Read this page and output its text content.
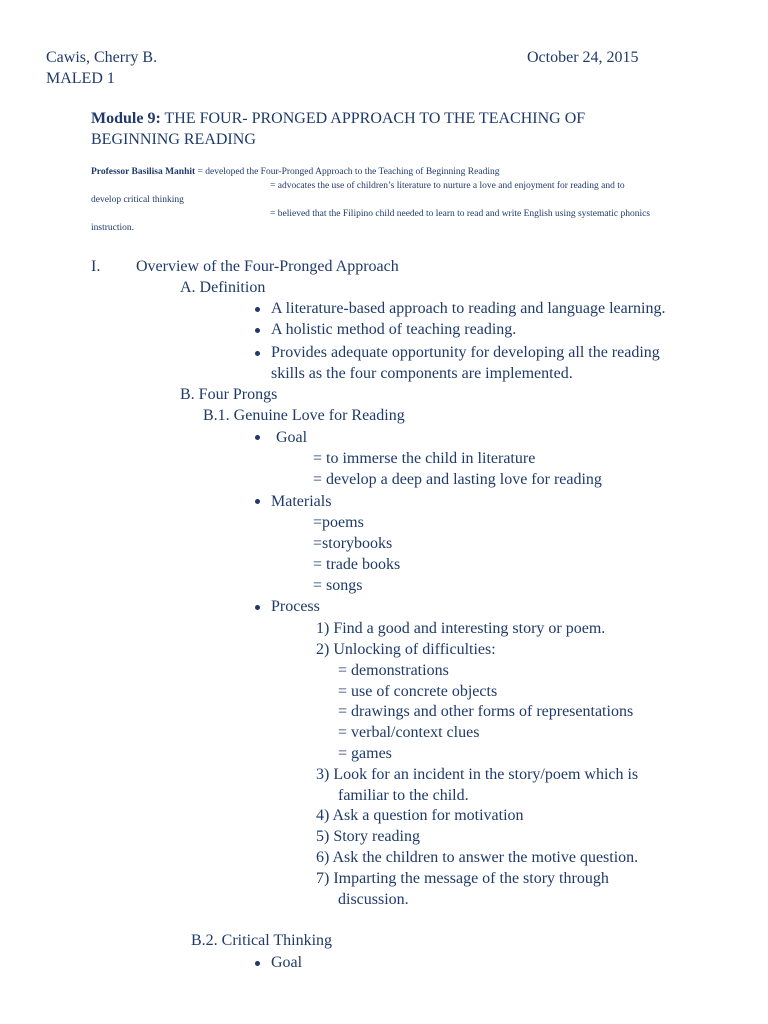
Cawis, Cherry B.
MALED 1
October 24, 2015
Module 9: THE FOUR- PRONGED APPROACH TO THE TEACHING OF
BEGINNING READING
Professor Basilisa Manhit = developed the Four-Pronged Approach to the Teaching of Beginning Reading
= advocates the use of children’s literature to nurture a love and enjoyment for reading and to
develop critical thinking
= believed that the Filipino child needed to learn to read and write English using systematic phonics
instruction.
I. Overview of the Four-Pronged Approach
A. Definition
A literature-based approach to reading and language learning.
A holistic method of teaching reading.
Provides adequate opportunity for developing all the reading
skills as the four components are implemented.
B. Four Prongs
B.1. Genuine Love for Reading
Goal
= to immerse the child in literature
= develop a deep and lasting love for reading
Materials
=poems
=storybooks
= trade books
= songs
Process
1) Find a good and interesting story or poem.
2) Unlocking of difficulties:
= demonstrations
= use of concrete objects
= drawings and other forms of representations
= verbal/context clues
= games
3) Look for an incident in the story/poem which is
familiar to the child.
4) Ask a question for motivation
5) Story reading
6) Ask the children to answer the motive question.
7) Imparting the message of the story through
discussion.
B.2. Critical Thinking
Goal
